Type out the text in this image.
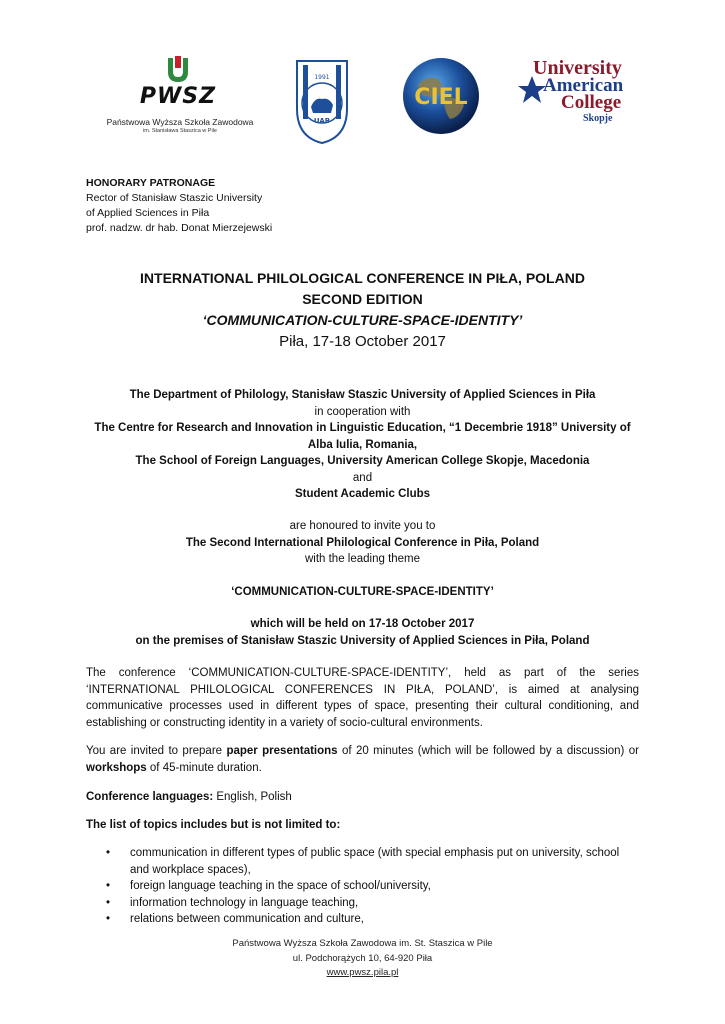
PWSZ
Państwowa Wyższa Szkoła Zawodowa
im. Stanisława Staszica w Pile
1991
UAB
CIEL
University
American
College
Skopje
HONORARY PATRONAGE
Rector of Stanisław Staszic University
of Applied Sciences in Piła
prof. nadzw. dr hab. Donat Mierzejewski
INTERNATIONAL PHILOLOGICAL CONFERENCE IN PIŁA, POLAND
SECOND EDITION
‘COMMUNICATION-CULTURE-SPACE-IDENTITY’
Piła, 17-18 October 2017
The Department of Philology, Stanisław Staszic University of Applied Sciences in Piła
in cooperation with
The Centre for Research and Innovation in Linguistic Education, “1 Decembrie 1918” University of
Alba Iulia, Romania,
The School of Foreign Languages, University American College Skopje, Macedonia
and
Student Academic Clubs
are honoured to invite you to
The Second International Philological Conference in Piła, Poland
with the leading theme
‘COMMUNICATION-CULTURE-SPACE-IDENTITY’
which will be held on 17-18 October 2017
on the premises of Stanisław Staszic University of Applied Sciences in Piła, Poland
The conference ‘COMMUNICATION-CULTURE-SPACE-IDENTITY’, held as part of the series ‘INTERNATIONAL PHILOLOGICAL CONFERENCES IN PIŁA, POLAND’, is aimed at analysing communicative processes used in different types of space, presenting their cultural conditioning, and establishing or constructing identity in a variety of socio-cultural environments.
You are invited to prepare paper presentations of 20 minutes (which will be followed by a discussion) or workshops of 45-minute duration.
Conference languages: English, Polish
The list of topics includes but is not limited to:
• communication in different types of public space (with special emphasis put on university, school and workplace spaces),
• foreign language teaching in the space of school/university,
• information technology in language teaching,
• relations between communication and culture,
Państwowa Wyższa Szkoła Zawodowa im. St. Staszica w Pile
ul. Podchorążych 10, 64-920 Piła
www.pwsz.pila.pl
